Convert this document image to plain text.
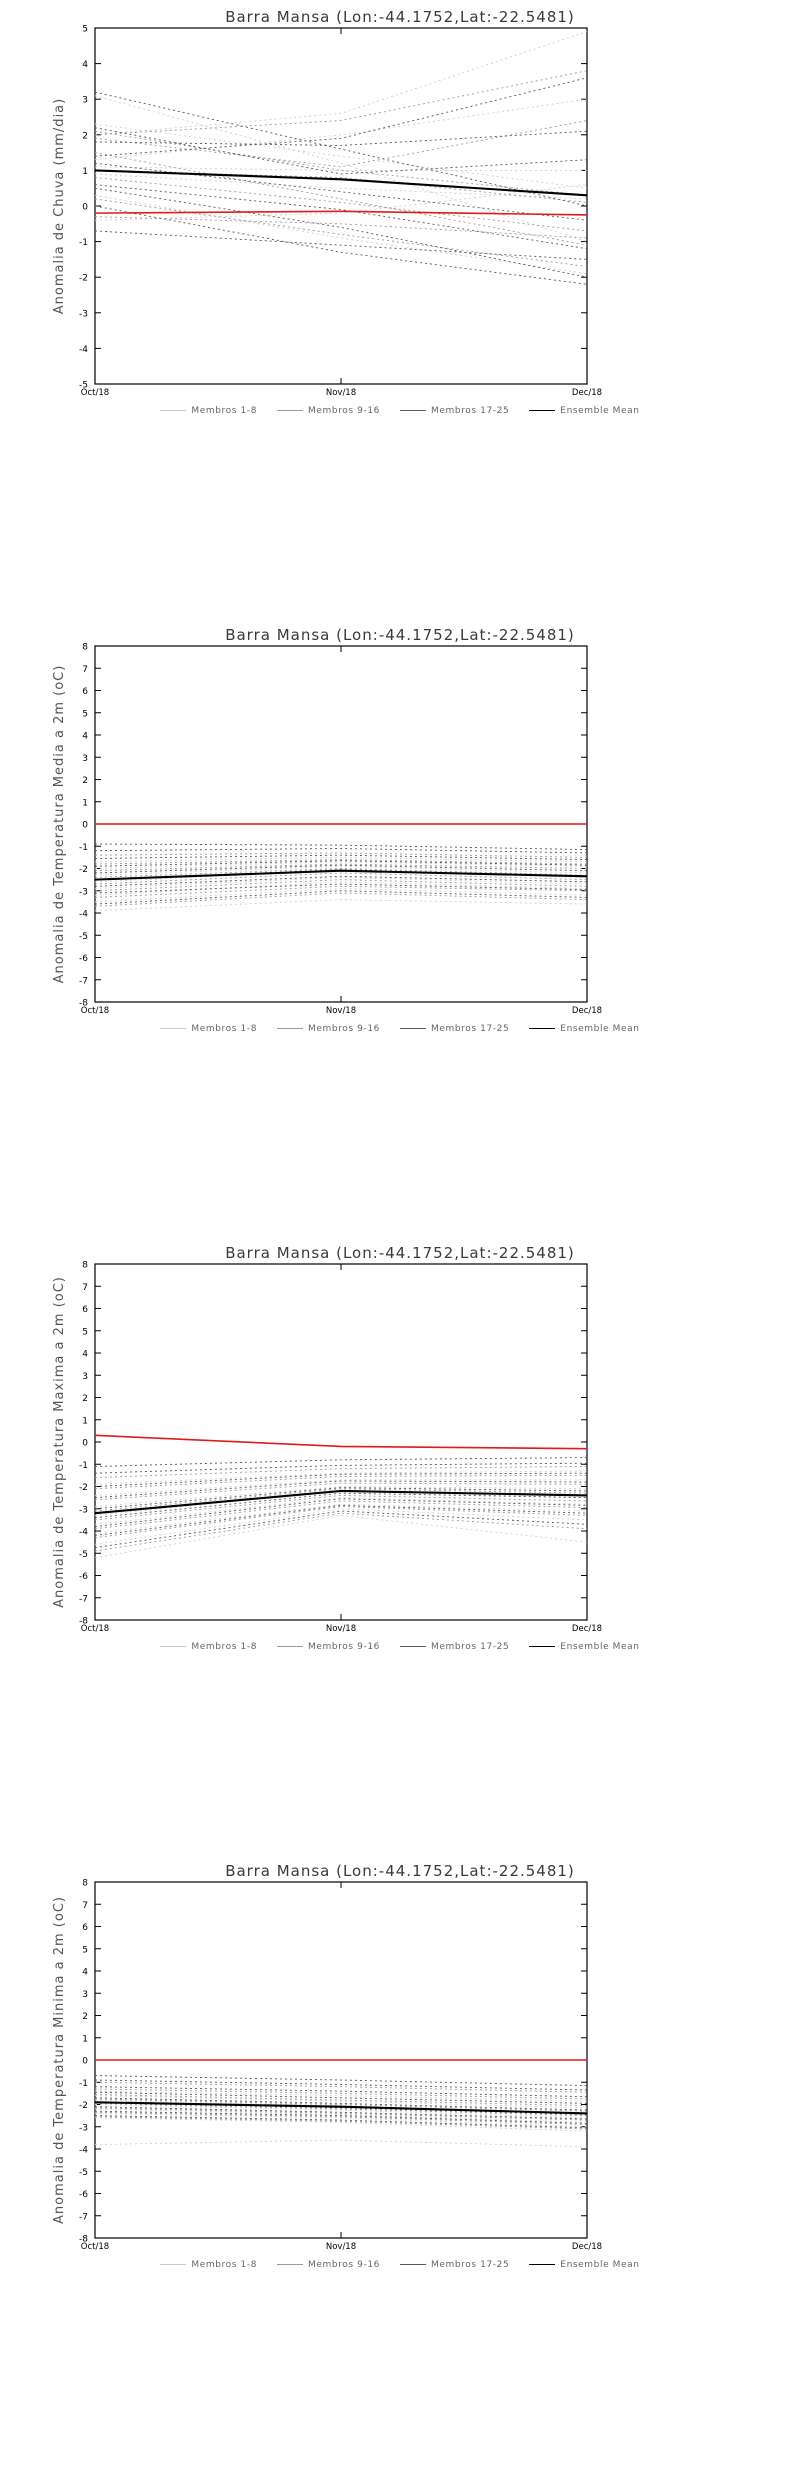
Barra Mansa (Lon:-44.1752,Lat:-22.5481)
-5
-4
-3
-2
-1
0
1
2
3
4
5
Oct/18	Nov/18	Dec/18
Anomalia de Chuva (mm/dia)
Membros 1-8	Membros 9-16	Membros 17-25	Ensemble Mean
Barra Mansa (Lon:-44.1752,Lat:-22.5481)
-8
-7
-6
-5
-4
-3
-2
-1
0
1
2
3
4
5
6
7
8
Oct/18	Nov/18	Dec/18
Anomalia de Temperatura Media a 2m (oC)
Membros 1-8	Membros 9-16	Membros 17-25	Ensemble Mean
Barra Mansa (Lon:-44.1752,Lat:-22.5481)
-8
-7
-6
-5
-4
-3
-2
-1
0
1
2
3
4
5
6
7
8
Oct/18	Nov/18	Dec/18
Anomalia de Temperatura Maxima a 2m (oC)
Membros 1-8	Membros 9-16	Membros 17-25	Ensemble Mean
Barra Mansa (Lon:-44.1752,Lat:-22.5481)
-8
-7
-6
-5
-4
-3
-2
-1
0
1
2
3
4
5
6
7
8
Oct/18	Nov/18	Dec/18
Anomalia de Temperatura Minima a 2m (oC)
Membros 1-8	Membros 9-16	Membros 17-25	Ensemble Mean
